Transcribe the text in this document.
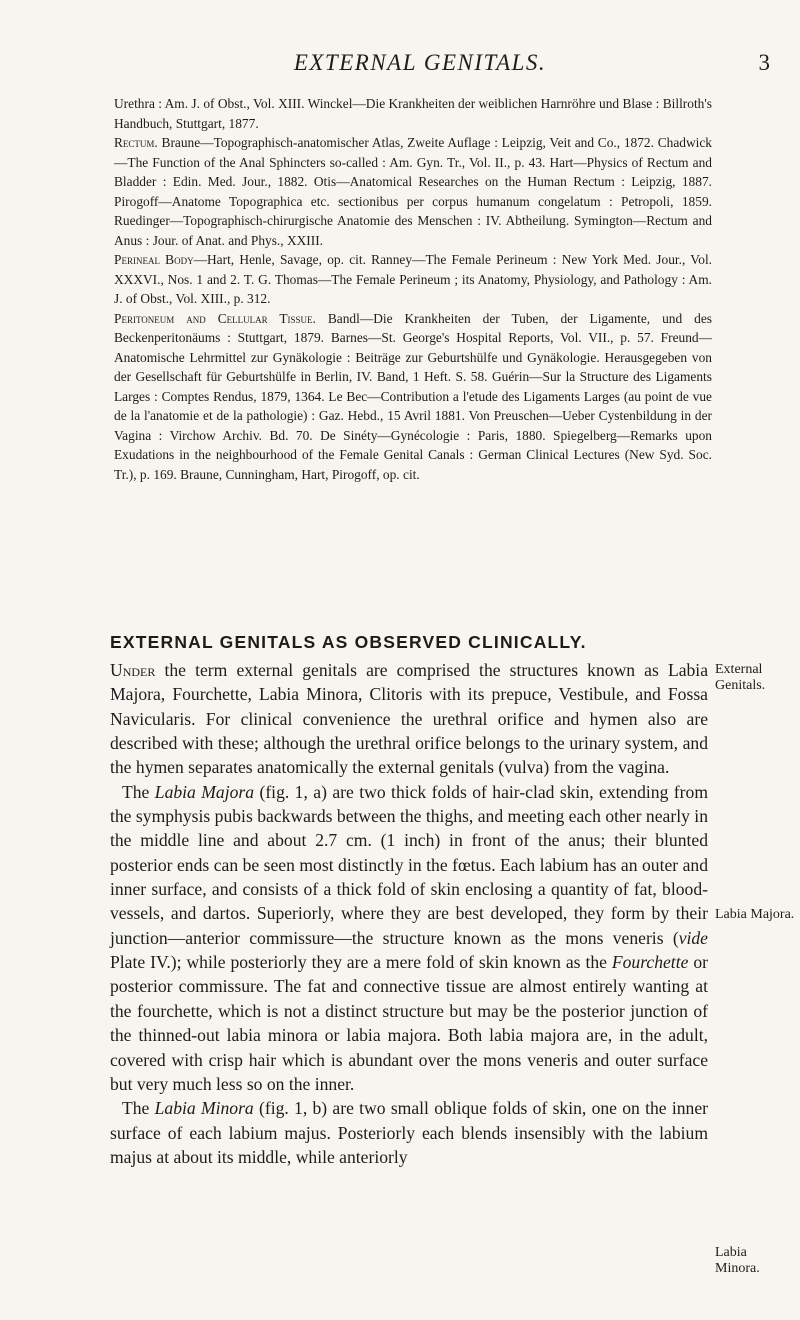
EXTERNAL GENITALS.	3

Urethra : Am. J. of Obst., Vol. XIII. Winckel—Die Krankheiten der weiblichen Harnröhre und Blase : Billroth's Handbuch, Stuttgart, 1877.

Rectum. Braune—Topographisch-anatomischer Atlas, Zweite Auflage : Leipzig, Veit and Co., 1872. Chadwick—The Function of the Anal Sphincters so-called : Am. Gyn. Tr., Vol. II., p. 43. Hart—Physics of Rectum and Bladder : Edin. Med. Jour., 1882. Otis—Anatomical Researches on the Human Rectum : Leipzig, 1887. Pirogoff—Anatome Topographica etc. sectionibus per corpus humanum congelatum : Petropoli, 1859. Ruedinger—Topographisch-chirurgische Anatomie des Menschen : IV. Abtheilung. Symington—Rectum and Anus : Jour. of Anat. and Phys., XXIII.

Perineal Body—Hart, Henle, Savage, op. cit. Ranney—The Female Perineum : New York Med. Jour., Vol. XXXVI., Nos. 1 and 2. T. G. Thomas—The Female Perineum ; its Anatomy, Physiology, and Pathology : Am. J. of Obst., Vol. XIII., p. 312.

Peritoneum and Cellular Tissue. Bandl—Die Krankheiten der Tuben, der Ligamente, und des Beckenperitonäums : Stuttgart, 1879. Barnes—St. George's Hospital Reports, Vol. VII., p. 57. Freund—Anatomische Lehrmittel zur Gynäkologie : Beiträge zur Geburtshülfe und Gynäkologie. Herausgegeben von der Gesellschaft für Geburtshülfe in Berlin, IV. Band, 1 Heft. S. 58. Guérin—Sur la Structure des Ligaments Larges : Comptes Rendus, 1879, 1364. Le Bec—Contribution a l'etude des Ligaments Larges (au point de vue de la l'anatomie et de la pathologie) : Gaz. Hebd., 15 Avril 1881. Von Preuschen—Ueber Cystenbildung in der Vagina : Virchow Archiv. Bd. 70. De Sinéty—Gynécologie : Paris, 1880. Spiegelberg—Remarks upon Exudations in the neighbourhood of the Female Genital Canals : German Clinical Lectures (New Syd. Soc. Tr.), p. 169. Braune, Cunningham, Hart, Pirogoff, op. cit.

EXTERNAL GENITALS AS OBSERVED CLINICALLY.
External Genitals.
Labia Majora.
Labia Minora.

Under the term external genitals are comprised the structures known as Labia Majora, Fourchette, Labia Minora, Clitoris with its prepuce, Vestibule, and Fossa Navicularis. For clinical convenience the urethral orifice and hymen also are described with these; although the urethral orifice belongs to the urinary system, and the hymen separates anatomically the external genitals (vulva) from the vagina.

The Labia Majora (fig. 1, a) are two thick folds of hair-clad skin, extending from the symphysis pubis backwards between the thighs, and meeting each other nearly in the middle line and about 2.7 cm. (1 inch) in front of the anus; their blunted posterior ends can be seen most distinctly in the fœtus. Each labium has an outer and inner surface, and consists of a thick fold of skin enclosing a quantity of fat, blood-vessels, and dartos. Superiorly, where they are best developed, they form by their junction—anterior commissure—the structure known as the mons veneris (vide Plate IV.); while posteriorly they are a mere fold of skin known as the Fourchette or posterior commissure. The fat and connective tissue are almost entirely wanting at the fourchette, which is not a distinct structure but may be the posterior junction of the thinned-out labia minora or labia majora. Both labia majora are, in the adult, covered with crisp hair which is abundant over the mons veneris and outer surface but very much less so on the inner.

The Labia Minora (fig. 1, b) are two small oblique folds of skin, one on the inner surface of each labium majus. Posteriorly each blends insensibly with the labium majus at about its middle, while anteriorly
